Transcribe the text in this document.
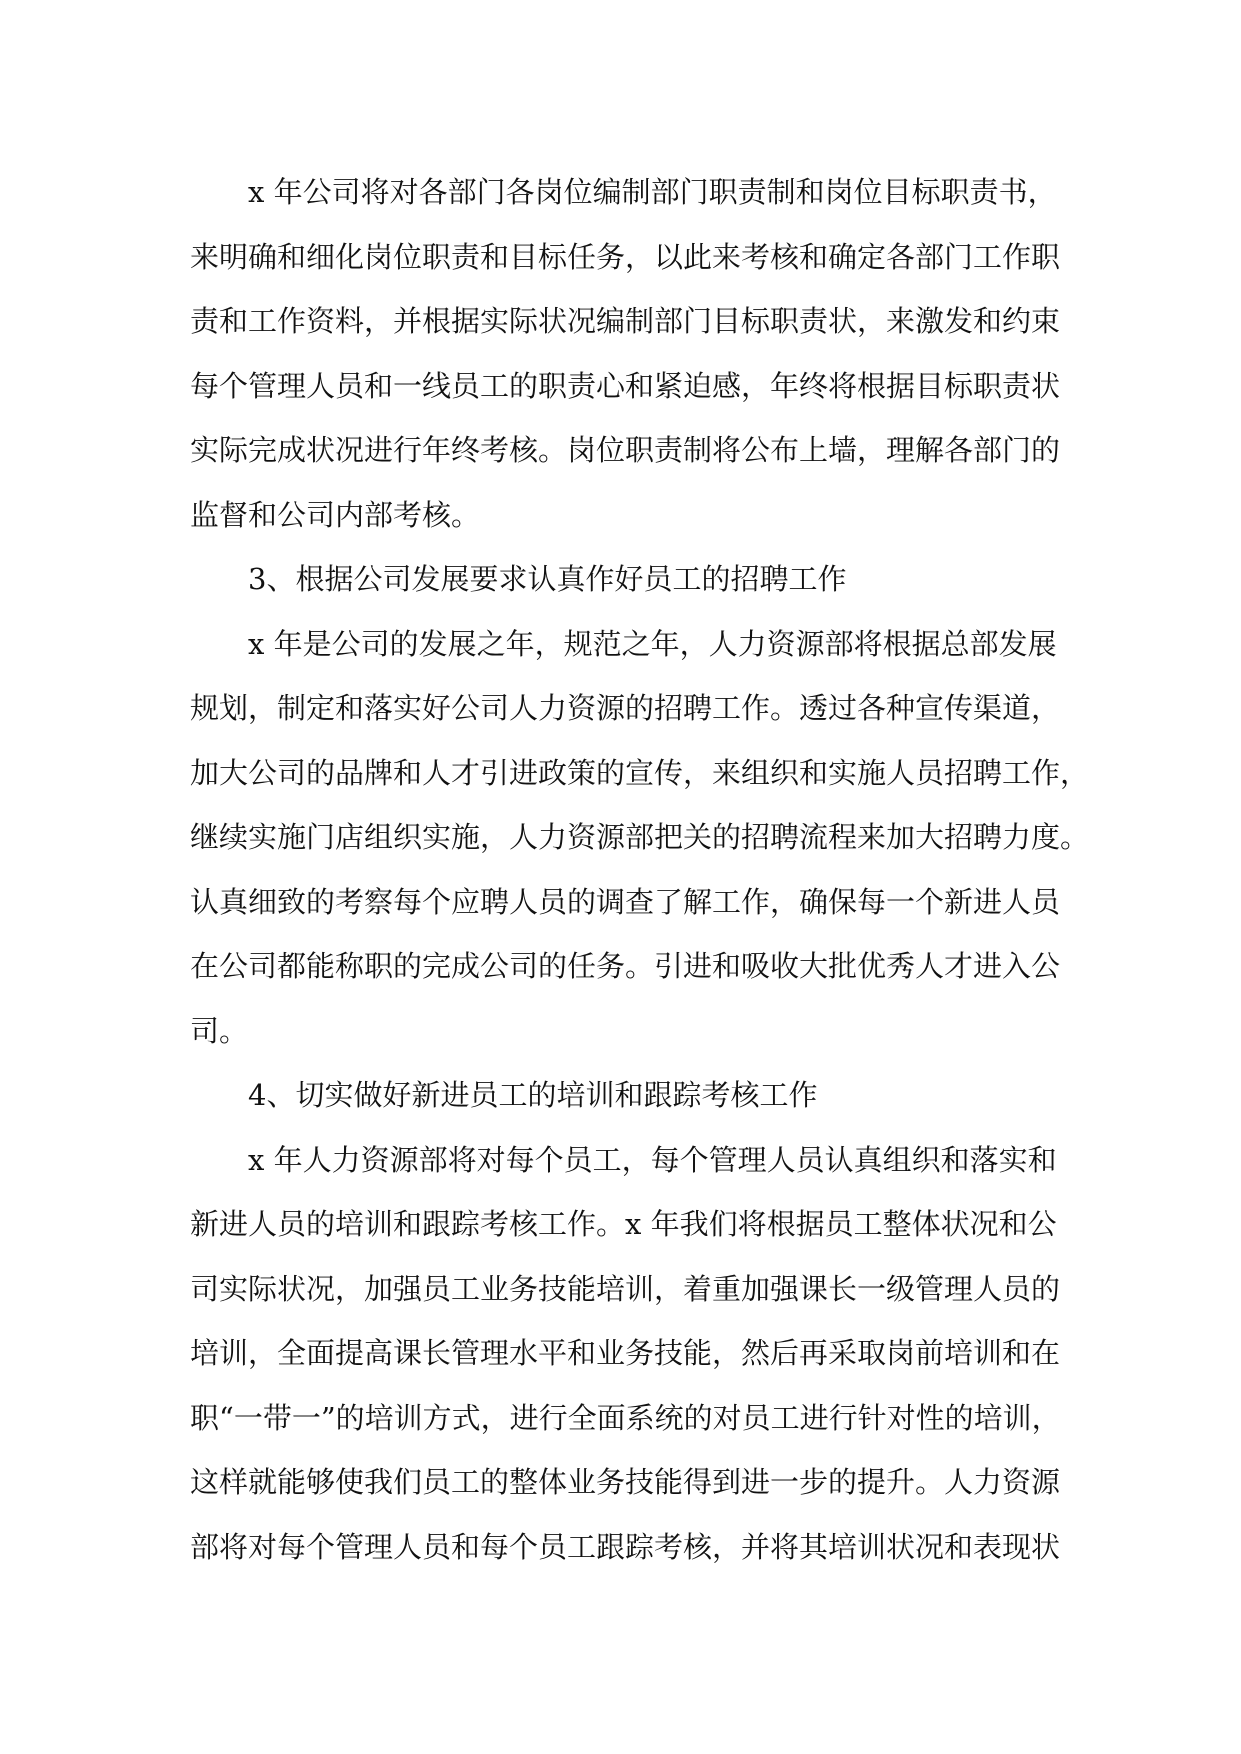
x 年公司将对各部门各岗位编制部门职责制和岗位目标职责书，
来明确和细化岗位职责和目标任务，以此来考核和确定各部门工作职
责和工作资料，并根据实际状况编制部门目标职责状，来激发和约束
每个管理人员和一线员工的职责心和紧迫感，年终将根据目标职责状
实际完成状况进行年终考核。岗位职责制将公布上墙，理解各部门的
监督和公司内部考核。

3、根据公司发展要求认真作好员工的招聘工作

x 年是公司的发展之年，规范之年，人力资源部将根据总部发展
规划，制定和落实好公司人力资源的招聘工作。透过各种宣传渠道，
加大公司的品牌和人才引进政策的宣传，来组织和实施人员招聘工作，
继续实施门店组织实施，人力资源部把关的招聘流程来加大招聘力度。
认真细致的考察每个应聘人员的调查了解工作，确保每一个新进人员
在公司都能称职的完成公司的任务。引进和吸收大批优秀人才进入公
司。

4、切实做好新进员工的培训和跟踪考核工作

x 年人力资源部将对每个员工，每个管理人员认真组织和落实和
新进人员的培训和跟踪考核工作。x 年我们将根据员工整体状况和公
司实际状况，加强员工业务技能培训，着重加强课长一级管理人员的
培训，全面提高课长管理水平和业务技能，然后再采取岗前培训和在
职“一带一”的培训方式，进行全面系统的对员工进行针对性的培训，
这样就能够使我们员工的整体业务技能得到进一步的提升。人力资源
部将对每个管理人员和每个员工跟踪考核，并将其培训状况和表现状
